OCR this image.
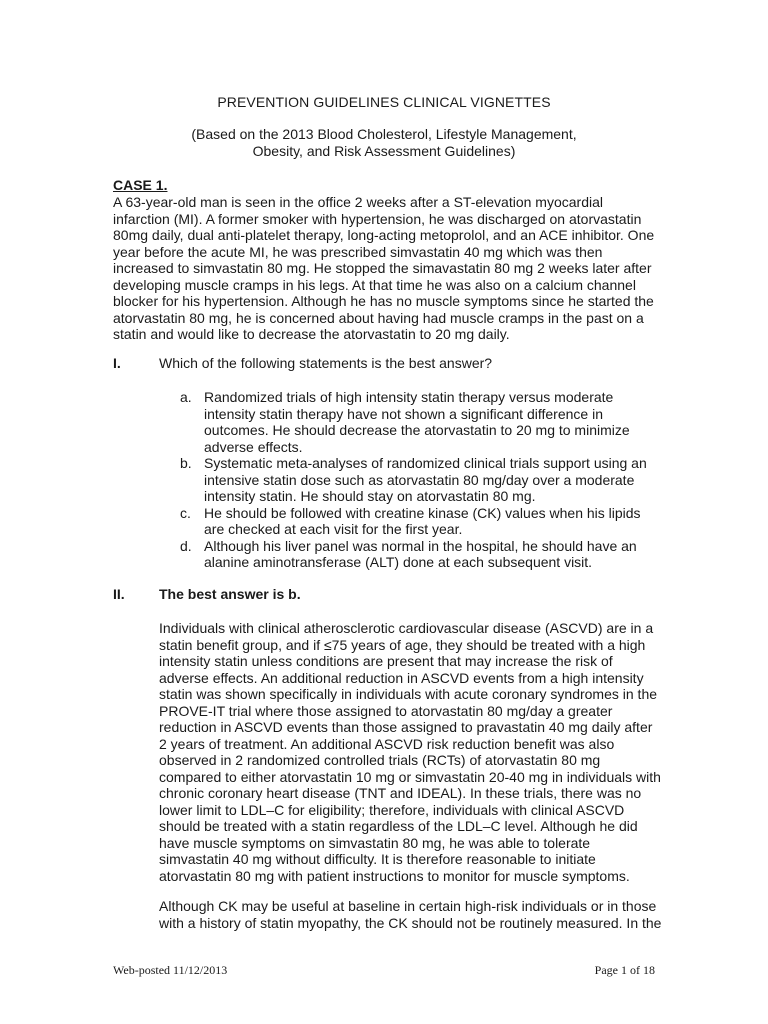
PREVENTION GUIDELINES CLINICAL VIGNETTES
(Based on the 2013 Blood Cholesterol, Lifestyle Management,
Obesity, and Risk Assessment Guidelines)
CASE 1.
A 63-year-old man is seen in the office 2 weeks after a ST-elevation myocardial
infarction (MI). A former smoker with hypertension, he was discharged on atorvastatin
80mg daily, dual anti-platelet therapy, long-acting metoprolol, and an ACE inhibitor. One
year before the acute MI, he was prescribed simvastatin 40 mg which was then
increased to simvastatin 80 mg. He stopped the simavastatin 80 mg 2 weeks later after
developing muscle cramps in his legs. At that time he was also on a calcium channel
blocker for his hypertension. Although he has no muscle symptoms since he started the
atorvastatin 80 mg, he is concerned about having had muscle cramps in the past on a
statin and would like to decrease the atorvastatin to 20 mg daily.
I.	Which of the following statements is the best answer?
a. Randomized trials of high intensity statin therapy versus moderate
intensity statin therapy have not shown a significant difference in
outcomes. He should decrease the atorvastatin to 20 mg to minimize
adverse effects.
b. Systematic meta-analyses of randomized clinical trials support using an
intensive statin dose such as atorvastatin 80 mg/day over a moderate
intensity statin. He should stay on atorvastatin 80 mg.
c. He should be followed with creatine kinase (CK) values when his lipids
are checked at each visit for the first year.
d. Although his liver panel was normal in the hospital, he should have an
alanine aminotransferase (ALT) done at each subsequent visit.
II. The best answer is b.
Individuals with clinical atherosclerotic cardiovascular disease (ASCVD) are in a
statin benefit group, and if ≤75 years of age, they should be treated with a high
intensity statin unless conditions are present that may increase the risk of
adverse effects. An additional reduction in ASCVD events from a high intensity
statin was shown specifically in individuals with acute coronary syndromes in the
PROVE-IT trial where those assigned to atorvastatin 80 mg/day a greater
reduction in ASCVD events than those assigned to pravastatin 40 mg daily after
2 years of treatment. An additional ASCVD risk reduction benefit was also
observed in 2 randomized controlled trials (RCTs) of atorvastatin 80 mg
compared to either atorvastatin 10 mg or simvastatin 20-40 mg in individuals with
chronic coronary heart disease (TNT and IDEAL). In these trials, there was no
lower limit to LDL–C for eligibility; therefore, individuals with clinical ASCVD
should be treated with a statin regardless of the LDL–C level. Although he did
have muscle symptoms on simvastatin 80 mg, he was able to tolerate
simvastatin 40 mg without difficulty. It is therefore reasonable to initiate
atorvastatin 80 mg with patient instructions to monitor for muscle symptoms.
Although CK may be useful at baseline in certain high-risk individuals or in those
with a history of statin myopathy, the CK should not be routinely measured. In the
Web-posted 11/12/2013	Page 1 of 18
